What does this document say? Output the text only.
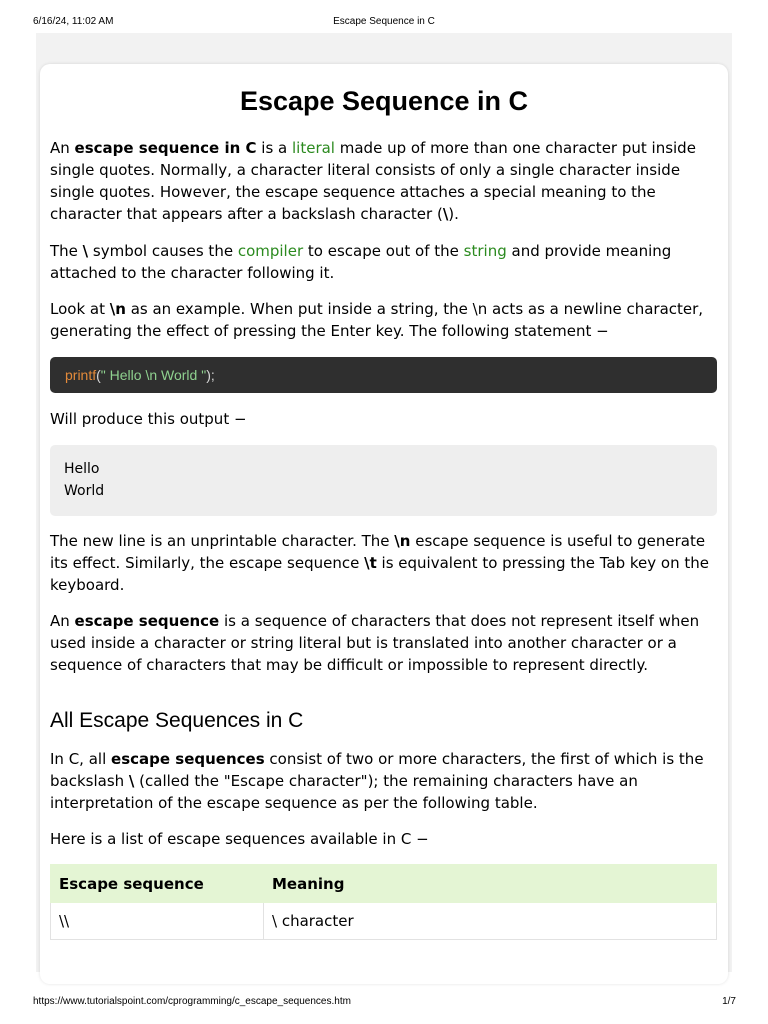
6/16/24, 11:02 AM	Escape Sequence in C
Escape Sequence in C

An escape sequence in C is a literal made up of more than one character put inside single quotes. Normally, a character literal consists of only a single character inside single quotes. However, the escape sequence attaches a special meaning to the character that appears after a backslash character (\).

The \ symbol causes the compiler to escape out of the string and provide meaning attached to the character following it.

Look at \n as an example. When put inside a string, the \n acts as a newline character, generating the effect of pressing the Enter key. The following statement −

printf(" Hello \n World ");

Will produce this output −

Hello
World

The new line is an unprintable character. The \n escape sequence is useful to generate its effect. Similarly, the escape sequence \t is equivalent to pressing the Tab key on the keyboard.

An escape sequence is a sequence of characters that does not represent itself when used inside a character or string literal but is translated into another character or a sequence of characters that may be difficult or impossible to represent directly.

All Escape Sequences in C

In C, all escape sequences consist of two or more characters, the first of which is the backslash \ (called the "Escape character"); the remaining characters have an interpretation of the escape sequence as per the following table.

Here is a list of escape sequences available in C −

Escape sequence	Meaning
\\	\ character
https://www.tutorialspoint.com/cprogramming/c_escape_sequences.htm	1/7
